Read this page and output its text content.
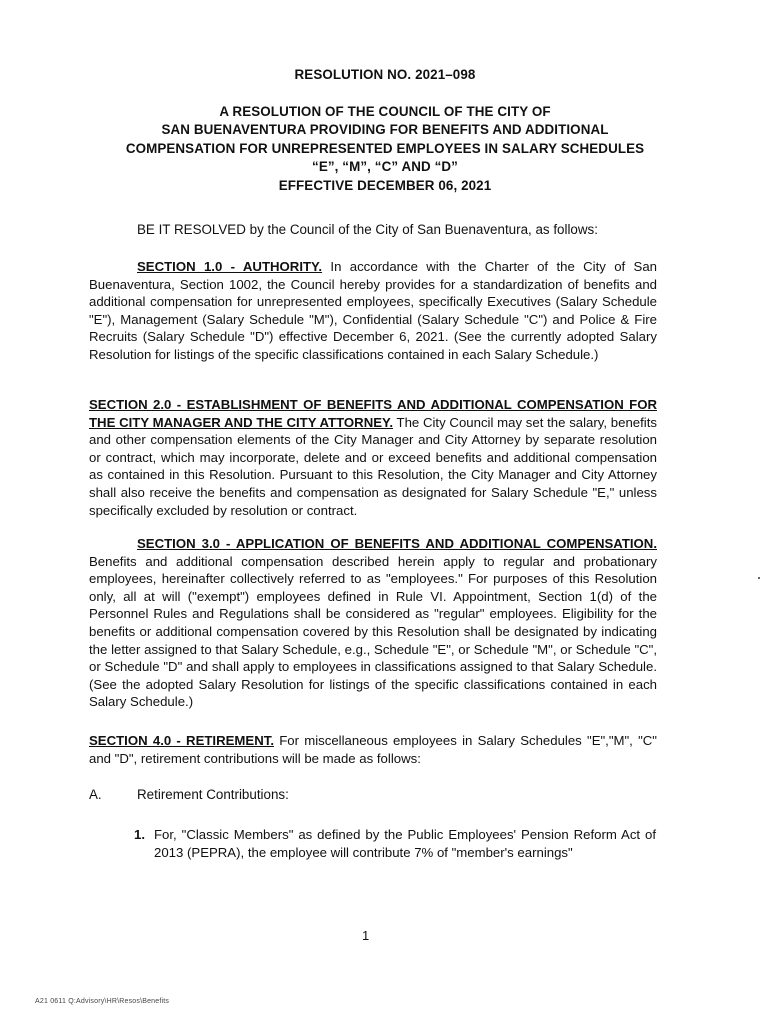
RESOLUTION NO. 2021–098
A RESOLUTION OF THE COUNCIL OF THE CITY OF
SAN BUENAVENTURA PROVIDING FOR BENEFITS AND ADDITIONAL
COMPENSATION FOR UNREPRESENTED EMPLOYEES IN SALARY SCHEDULES
“E”, “M”, “C” AND “D”
EFFECTIVE DECEMBER 06, 2021
BE IT RESOLVED by the Council of the City of San Buenaventura, as follows:
SECTION 1.0 - AUTHORITY. In accordance with the Charter of the City of San Buenaventura, Section 1002, the Council hereby provides for a standardization of benefits and additional compensation for unrepresented employees, specifically Executives (Salary Schedule "E"), Management (Salary Schedule "M"), Confidential (Salary Schedule "C") and Police & Fire Recruits (Salary Schedule "D") effective December 6, 2021. (See the currently adopted Salary Resolution for listings of the specific classifications contained in each Salary Schedule.)
SECTION 2.0 - ESTABLISHMENT OF BENEFITS AND ADDITIONAL COMPENSATION FOR THE CITY MANAGER AND THE CITY ATTORNEY. The City Council may set the salary, benefits and other compensation elements of the City Manager and City Attorney by separate resolution or contract, which may incorporate, delete and or exceed benefits and additional compensation as contained in this Resolution. Pursuant to this Resolution, the City Manager and City Attorney shall also receive the benefits and compensation as designated for Salary Schedule "E," unless specifically excluded by resolution or contract.
SECTION 3.0 - APPLICATION OF BENEFITS AND ADDITIONAL COMPENSATION. Benefits and additional compensation described herein apply to regular and probationary employees, hereinafter collectively referred to as "employees." For purposes of this Resolution only, all at will ("exempt") employees defined in Rule VI. Appointment, Section 1(d) of the Personnel Rules and Regulations shall be considered as "regular" employees. Eligibility for the benefits or additional compensation covered by this Resolution shall be designated by indicating the letter assigned to that Salary Schedule, e.g., Schedule "E", or Schedule "M", or Schedule "C", or Schedule "D" and shall apply to employees in classifications assigned to that Salary Schedule. (See the adopted Salary Resolution for listings of the specific classifications contained in each Salary Schedule.)
SECTION 4.0 - RETIREMENT. For miscellaneous employees in Salary Schedules "E","M", "C" and "D", retirement contributions will be made as follows:
A.	Retirement Contributions:
1. For, "Classic Members" as defined by the Public Employees' Pension Reform Act of 2013 (PEPRA), the employee will contribute 7% of "member's earnings"
1
A21 0611 Q:Advisory\HR\Resos\Benefits
